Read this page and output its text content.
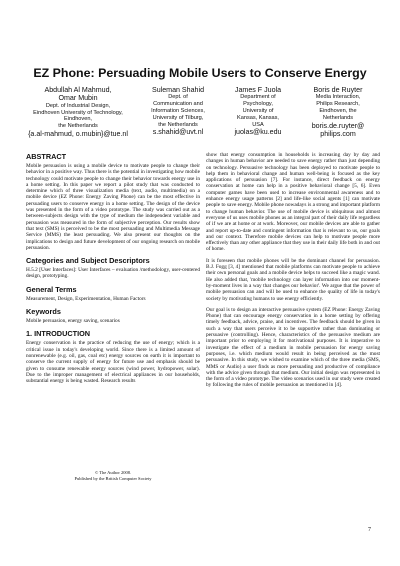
EZ Phone: Persuading Mobile Users to Conserve Energy
Abdullah Al Mahmud,
Omar Mubin
Dept. of Industrial Design,
Eindhoven University of Technology,
Eindhoven,
the Netherlands
{a.al-mahmud, o.mubin}@tue.nl
Suleman Shahid
Dept. of
Communication and
Information Sciences,
University of Tilburg,
the Netherlands
s.shahid@uvt.nl
James F Juola
Department of
Psychology,
University of
Kansas, Kansas,
USA
juolas@ku.edu
Boris de Ruyter
Media Interaction,
Philips Research,
Eindhoven, the
Netherlands
boris.de.ruyter@
philips.com
ABSTRACT

Mobile persuasion is using a mobile device to motivate people to change their behavior in a positive way. Thus there is the potential in investigating how mobile technology could motivate people to change their behavior towards energy use in a home setting. In this paper we report a pilot study that was conducted to determine which of three visualization media (text, audio, multimedia) on a mobile device (EZ Phone: Energy Zaving Phone) can be the most effective in persuading users to conserve energy in a home setting. The design of the device was presented in the form of a video prototype. The study was carried out as a between-subjects design with the type of medium the independent variable and persuasion was measured in the form of subjective perception. Our results show that text (SMS) is perceived to be the most persuading and Multimedia Message Service (MMS) the least persuading. We also present our thoughts on the implications to design and future development of our ongoing research on mobile persuasion.

Categories and Subject Descriptors

H.5.2 [User Interfaces]: User Interfaces – evaluation /methodology, user-centered design, prototyping.

General Terms

Measurement, Design, Experimentation, Human Factors

Keywords

Mobile persuasion, energy saving, scenarios

1. INTRODUCTION

Energy conservation is the practice of reducing the use of energy; which is a critical issue in today's developing world. Since there is a limited amount of nonrenewable (e.g. oil, gas, coal etc) energy sources on earth it is important to conserve the current supply of energy for future use and emphasis should be given to consume renewable energy sources (wind power, hydropower, solar). Due to the improper management of electrical appliances in our households, substantial energy is being wasted. Research results

© The Author 2008.
Published by the British Computer Society

show that energy consumption in households is increasing day by day and changes in human behavior are needed to save energy rather than just depending on technology. Persuasive technology has been deployed to motivate people to help them in behavioral change and human well-being is focused as the key applications of persuasion [7]. For instance, direct feedback on energy conservation at home can help in a positive behavioral change [5, 6]. Even computer games have been used to increase environmental awareness and to enhance energy usage patterns [2] and life-like social agents [1] can motivate people to save energy. Mobile phone nowadays is a strong and important platform to change human behavior. The use of mobile device is ubiquitous and almost everyone of us uses mobile phones as an integral part of their daily life regardless of if we are at home or at work. Moreover, our mobile devices are able to gather and report up-to-date and contingent information that is relevant to us, our goals and our context. Therefore mobile devices can help to motivate people more effectively than any other appliance that they use in their daily life both in and out of home.

It is foreseen that mobile phones will be the dominant channel for persuasion. B.J. Fogg [3, 4] mentioned that mobile platforms can motivate people to achieve their own personal goals and a mobile device helps to succeed like a magic wand. He also added that, 'mobile technology can layer information into our moment-by-moment lives in a way that changes our behavior'. We argue that the power of mobile persuasion can and will be used to enhance the quality of life in today's society by motivating humans to use energy efficiently.

Our goal is to design an interactive persuasive system (EZ Phone: Energy Zaving Phone) that can encourage energy conservation in a home setting by offering timely feedback, advice, praise, and incentives. The feedback should be given in such a way that users perceive it to be supportive rather than dominating or persuasive (controlling). Hence, characteristics of the persuasive medium are important prior to employing it for motivational purposes. It is imperative to investigate the effect of a medium in mobile persuasion for energy saving purposes, i.e. which medium would result in being perceived as the most persuasive. In this study, we wished to examine which of the three media (SMS, MMS or Audio) a user finds as more persuading and productive of compliance with the advice given through that medium. Our initial design was represented in the form of a video prototype. The video scenarios used in our study were created by following the rules of mobile persuasion as mentioned in [4].

7
